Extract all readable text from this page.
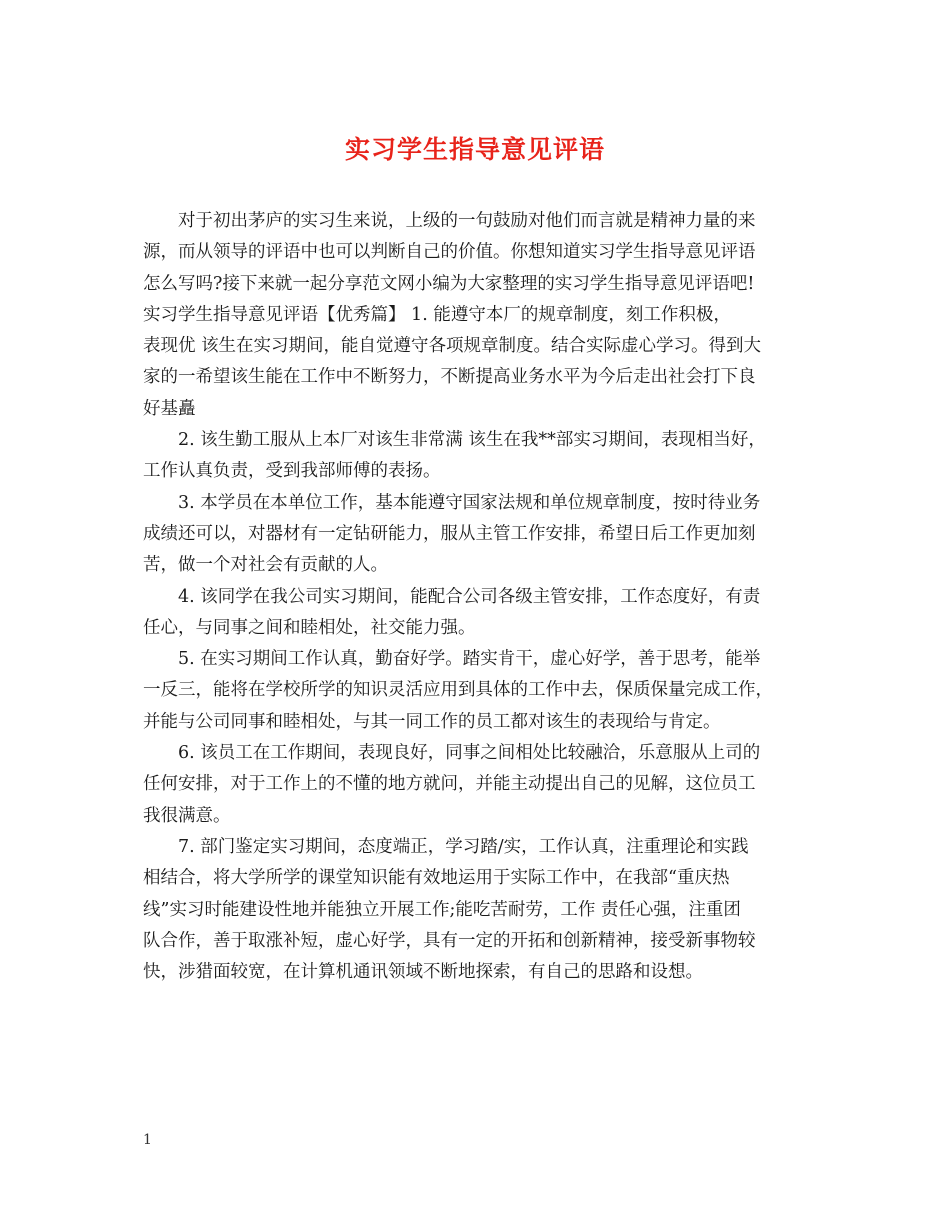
实习学生指导意见评语
对于初出茅庐的实习生来说，上级的一句鼓励对他们而言就是精神力量的来
源，而从领导的评语中也可以判断自己的价值。你想知道实习学生指导意见评语
怎么写吗?接下来就一起分享范文网小编为大家整理的实习学生指导意见评语吧!
实习学生指导意见评语【优秀篇】 1. 能遵守本厂的规章制度，刻工作积极，
表现优 该生在实习期间，能自觉遵守各项规章制度。结合实际虚心学习。得到大
家的一希望该生能在工作中不断努力，不断提高业务水平为今后走出社会打下良
好基矗
2. 该生勤工服从上本厂对该生非常满 该生在我**部实习期间，表现相当好，
工作认真负责，受到我部师傅的表扬。
3. 本学员在本单位工作，基本能遵守国家法规和单位规章制度，按时待业务
成绩还可以，对器材有一定钻研能力，服从主管工作安排，希望日后工作更加刻
苦，做一个对社会有贡献的人。
4. 该同学在我公司实习期间，能配合公司各级主管安排，工作态度好，有责
任心，与同事之间和睦相处，社交能力强。
5. 在实习期间工作认真，勤奋好学。踏实肯干，虚心好学，善于思考，能举
一反三，能将在学校所学的知识灵活应用到具体的工作中去，保质保量完成工作，
并能与公司同事和睦相处，与其一同工作的员工都对该生的表现给与肯定。
6. 该员工在工作期间，表现良好，同事之间相处比较融洽，乐意服从上司的
任何安排，对于工作上的不懂的地方就问，并能主动提出自己的见解，这位员工
我很满意。
7. 部门鉴定实习期间，态度端正，学习踏/实，工作认真，注重理论和实践
相结合，将大学所学的课堂知识能有效地运用于实际工作中，在我部“重庆热
线”实习时能建设性地并能独立开展工作;能吃苦耐劳，工作 责任心强，注重团
队合作，善于取涨补短，虚心好学，具有一定的开拓和创新精神，接受新事物较
快，涉猎面较宽，在计算机通讯领域不断地探索，有自己的思路和设想。
1
